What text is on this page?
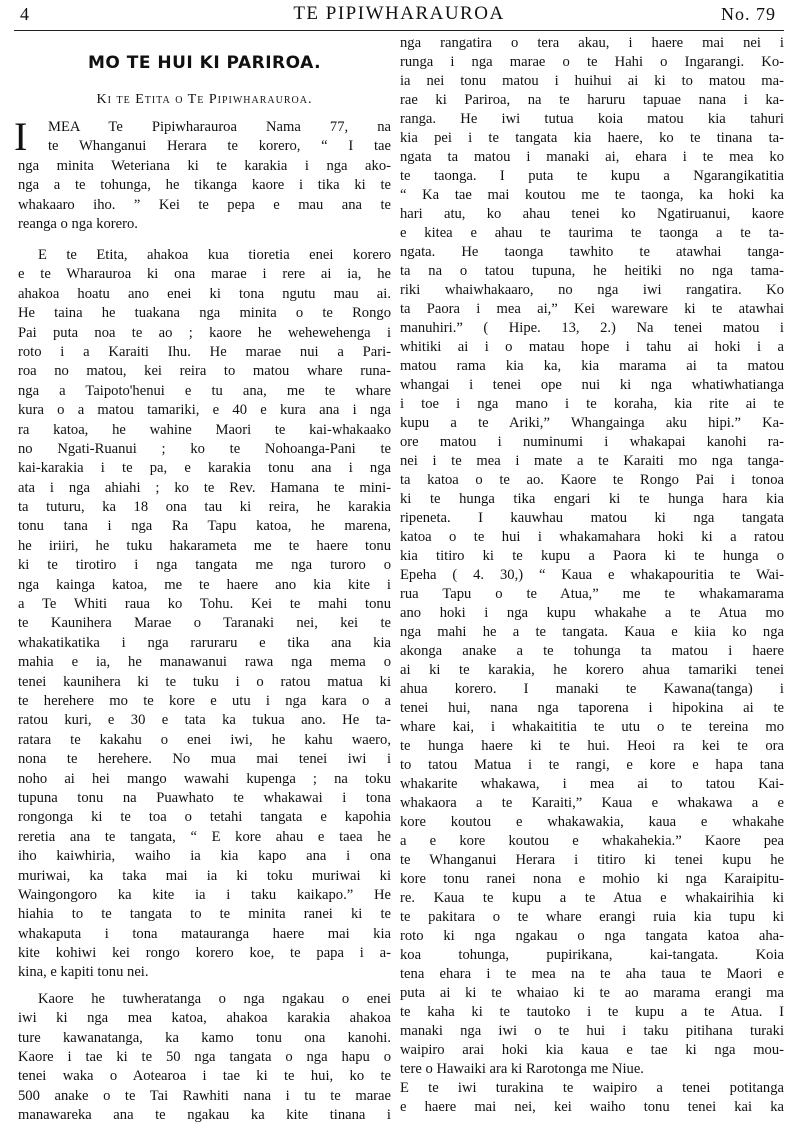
4	TE PIPIWHARAUROA	No. 79
MO TE HUI KI PARIROA.
Ki te Etita o Te Pipiwharauroa.
I	MEA Te Pipiwharauroa Nama 77, na
te Whanganui Herara te korero, “ I tae
nga minita Weteriana ki te karakia i nga ako-
nga a te tohunga, he tikanga kaore i tika ki te
whakaaro iho. ” Kei te pepa e mau ana te
reanga o nga korero.
E te Etita, ahakoa kua tioretia enei korero
e te Wharauroa ki ona marae i rere ai ia, he
ahakoa hoatu ano enei ki tona ngutu mau ai.
He taina he tuakana nga minita o te Rongo
Pai puta noa te ao ; kaore he wehewehenga i
roto i a Karaiti Ihu. He marae nui a Pari-
roa no matou, kei reira to matou whare runa-
nga a Taipoto'henui e tu ana, me te whare
kura o a matou tamariki, e 40 e kura ana i nga
ra katoa, he wahine Maori te kai-whakaako
no Ngati-Ruanui ; ko te Nohoanga-Pani te
kai-karakia i te pa, e karakia tonu ana i nga
ata i nga ahiahi ; ko te Rev. Hamana te mini-
ta tuturu, ka 18 ona tau ki reira, he karakia
tonu tana i nga Ra Tapu katoa, he marena,
he iriiri, he tuku hakarameta me te haere tonu
ki te tirotiro i nga tangata me nga turoro o
nga kainga katoa, me te haere ano kia kite i
a Te Whiti raua ko Tohu. Kei te mahi tonu
te Kaunihera Marae o Taranaki nei, kei te
whakatikatika i nga raruraru e tika ana kia
mahia e ia, he manawanui rawa nga mema o
tenei kaunihera ki te tuku i o ratou matua ki
te herehere mo te kore e utu i nga kara o a
ratou kuri, e 30 e tata ka tukua ano. He ta-
ratara te kakahu o enei iwi, he kahu waero,
nona te herehere. No mua mai tenei iwi i
noho ai hei mango wawahi kupenga ; na toku
tupuna tonu na Puawhato te whakawai i tona
rongonga ki te toa o tetahi tangata e kapohia
reretia ana te tangata, “ E kore ahau e taea he
iho kaiwhiria, waiho ia kia kapo ana i ona
muriwai, ka taka mai ia ki toku muriwai ki
Waingongoro ka kite ia i taku kaikapo.” He
hiahia to te tangata to te minita ranei ki te
whakaputa i tona matauranga haere mai kia
kite kohiwi kei rongo korero koe, te papa i a-
kina, e kapiti tonu nei.
Kaore he tuwheratanga o nga ngakau o enei
iwi ki nga mea katoa, ahakoa karakia ahakoa
ture kawanatanga, ka kamo tonu ona kanohi.
Kaore i tae ki te 50 nga tangata o nga hapu o
tenei waka o Aotearoa i tae ki te hui, ko te
500 anake o te Tai Rawhiti nana i tu te marae
manawareka ana te ngakau ka kite tinana i
nga rangatira o tera akau, i haere mai nei i
runga i nga marae o te Hahi o Ingarangi. Ko-
ia nei tonu matou i huihui ai ki to matou ma-
rae ki Pariroa, na te haruru tapuae nana i ka-
ranga. He iwi tutua koia matou kia tahuri
kia pei i te tangata kia haere, ko te tinana ta-
ngata ta matou i manaki ai, ehara i te mea ko
te taonga. I puta te kupu a Ngarangikatitia
“ Ka tae mai koutou me te taonga, ka hoki ka
hari atu, ko ahau tenei ko Ngatiruanui, kaore
e kitea e ahau te taurima te taonga a te ta-
ngata. He taonga tawhito te atawhai tanga-
ta na o tatou tupuna, he heitiki no nga tama-
riki whaiwhakaaro, no nga iwi rangatira. Ko
ta Paora i mea ai,” Kei wareware ki te atawhai
manuhiri.” ( Hipe. 13, 2.) Na tenei matou i
whitiki ai i o matau hope i tahu ai hoki i a
matou rama kia ka, kia marama ai ta matou
whangai i tenei ope nui ki nga whatiwhatianga
i toe i nga mano i te koraha, kia rite ai te
kupu a te Ariki,” Whangainga aku hipi.” Ka-
ore matou i numinumi i whakapai kanohi ra-
nei i te mea i mate a te Karaiti mo nga tanga-
ta katoa o te ao. Kaore te Rongo Pai i tonoa
ki te hunga tika engari ki te hunga hara kia
ripeneta. I kauwhau matou ki nga tangata
katoa o te hui i whakamahara hoki ki a ratou
kia titiro ki te kupu a Paora ki te hunga o
Epeha ( 4. 30,) “ Kaua e whakapouritia te Wai-
rua Tapu o te Atua,” me te whakamarama
ano hoki i nga kupu whakahe a te Atua mo
nga mahi he a te tangata. Kaua e kiia ko nga
akonga anake a te tohunga ta matou i haere
ai ki te karakia, he korero ahua tamariki tenei
ahua korero. I manaki te Kawana(tanga) i
tenei hui, nana nga taporena i hipokina ai te
whare kai, i whakaititia te utu o te tereina mo
te hunga haere ki te hui. Heoi ra kei te ora
to tatou Matua i te rangi, e kore e hapa tana
whakarite whakawa, i mea ai to tatou Kai-
whakaora a te Karaiti,” Kaua e whakawa a e
kore koutou e whakawakia, kaua e whakahe
a e kore koutou e whakahekia.” Kaore pea
te Whanganui Herara i titiro ki tenei kupu he
kore tonu ranei nona e mohio ki nga Karaipitu-
re. Kaua te kupu a te Atua e whakairihia ki
te pakitara o te whare erangi ruia kia tupu ki
roto ki nga ngakau o nga tangata katoa aha-
koa tohunga, pupirikana, kai-tangata. Koia
tena ehara i te mea na te aha taua te Maori e
puta ai ki te whaiao ki te ao marama erangi ma
te kaha ki te tautoko i te kupu a te Atua. I
manaki nga iwi o te hui i taku pitihana turaki
waipiro arai hoki kia kaua e tae ki nga mou-
tere o Hawaiki ara ki Rarotonga me Niue.
E te iwi turakina te waipiro a tenei potitanga
e haere mai nei, kei waiho tonu tenei kai ka
